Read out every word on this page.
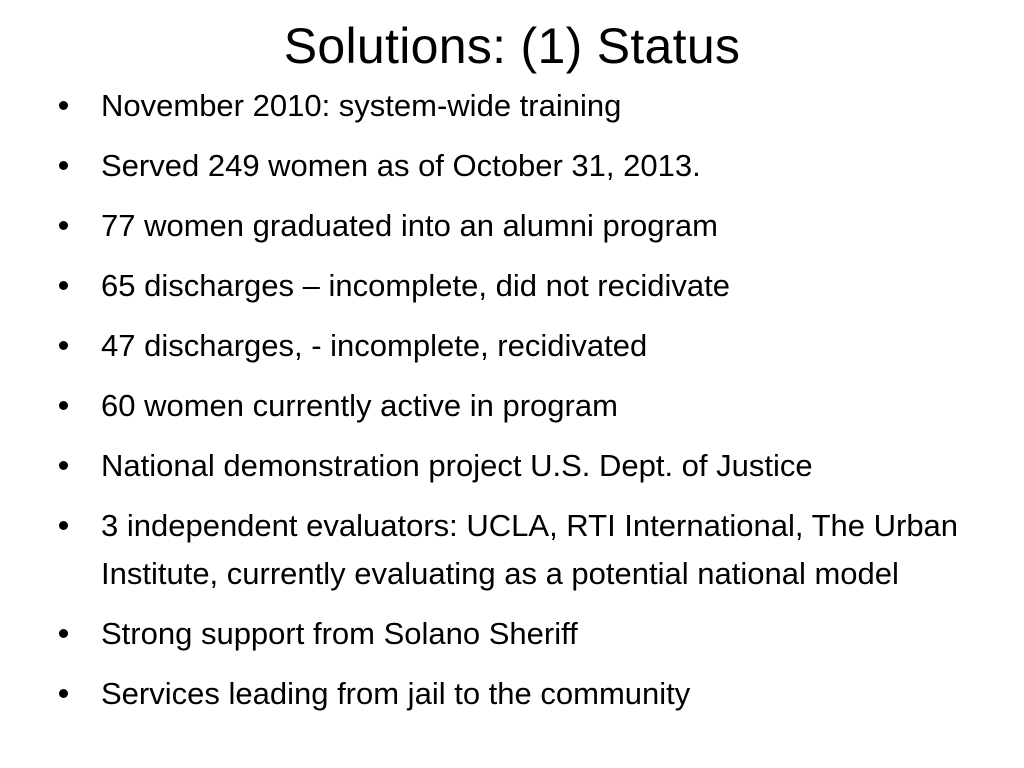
Solutions: (1) Status
November 2010: system-wide training
Served 249 women as of October 31, 2013.
77 women graduated into an alumni program
65 discharges – incomplete, did not recidivate
47 discharges, - incomplete, recidivated
60 women currently active in program
National demonstration project U.S. Dept. of Justice
3 independent evaluators: UCLA, RTI International, The Urban Institute, currently evaluating as a potential national model
Strong support from Solano Sheriff
Services leading from jail to the community
